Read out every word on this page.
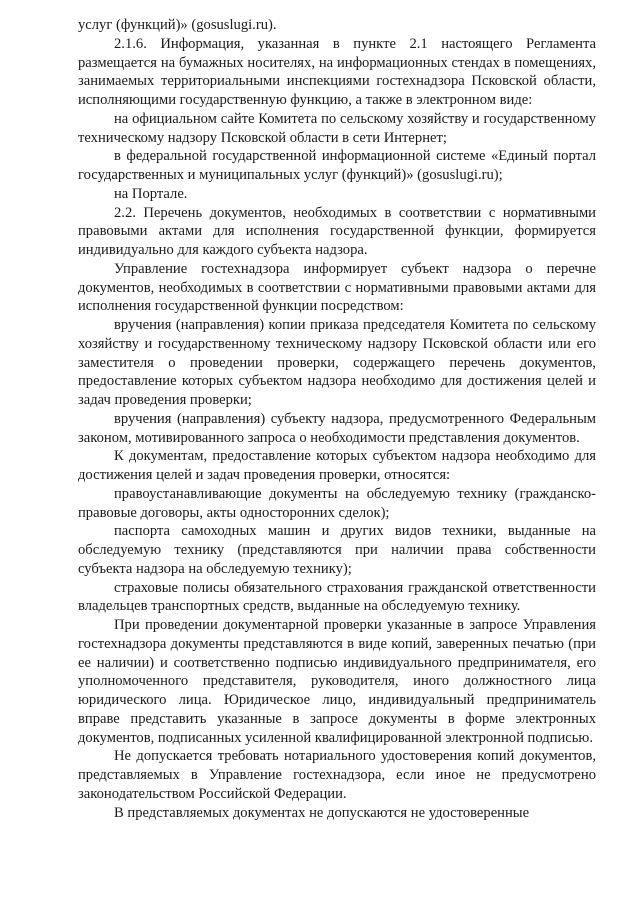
услуг (функций)» (gosuslugi.ru).

2.1.6. Информация, указанная в пункте 2.1 настоящего Регламента размещается на бумажных носителях, на информационных стендах в помещениях, занимаемых территориальными инспекциями гостехнадзора Псковской области, исполняющими государственную функцию, а также в электронном виде:

на официальном сайте Комитета по сельскому хозяйству и государственному техническому надзору Псковской области в сети Интернет;

в федеральной государственной информационной системе «Единый портал государственных и муниципальных услуг (функций)» (gosuslugi.ru);

на Портале.

2.2. Перечень документов, необходимых в соответствии с нормативными правовыми актами для исполнения государственной функции, формируется индивидуально для каждого субъекта надзора.

Управление гостехнадзора информирует субъект надзора о перечне документов, необходимых в соответствии с нормативными правовыми актами для исполнения государственной функции посредством:

вручения (направления) копии приказа председателя Комитета по сельскому хозяйству и государственному техническому надзору Псковской области или его заместителя о проведении проверки, содержащего перечень документов, предоставление которых субъектом надзора необходимо для достижения целей и задач проведения проверки;

вручения (направления) субъекту надзора, предусмотренного Федеральным законом, мотивированного запроса о необходимости представления документов.

К документам, предоставление которых субъектом надзора необходимо для достижения целей и задач проведения проверки, относятся:

правоустанавливающие документы на обследуемую технику (гражданско-правовые договоры, акты односторонних сделок);

паспорта самоходных машин и других видов техники, выданные на обследуемую технику (представляются при наличии права собственности субъекта надзора на обследуемую технику);

страховые полисы обязательного страхования гражданской ответственности владельцев транспортных средств, выданные на обследуемую технику.

При проведении документарной проверки указанные в запросе Управления гостехнадзора документы представляются в виде копий, заверенных печатью (при ее наличии) и соответственно подписью индивидуального предпринимателя, его уполномоченного представителя, руководителя, иного должностного лица юридического лица. Юридическое лицо, индивидуальный предприниматель вправе представить указанные в запросе документы в форме электронных документов, подписанных усиленной квалифицированной электронной подписью.

Не допускается требовать нотариального удостоверения копий документов, представляемых в Управление гостехнадзора, если иное не предусмотрено законодательством Российской Федерации.

В представляемых документах не допускаются не удостоверенные
